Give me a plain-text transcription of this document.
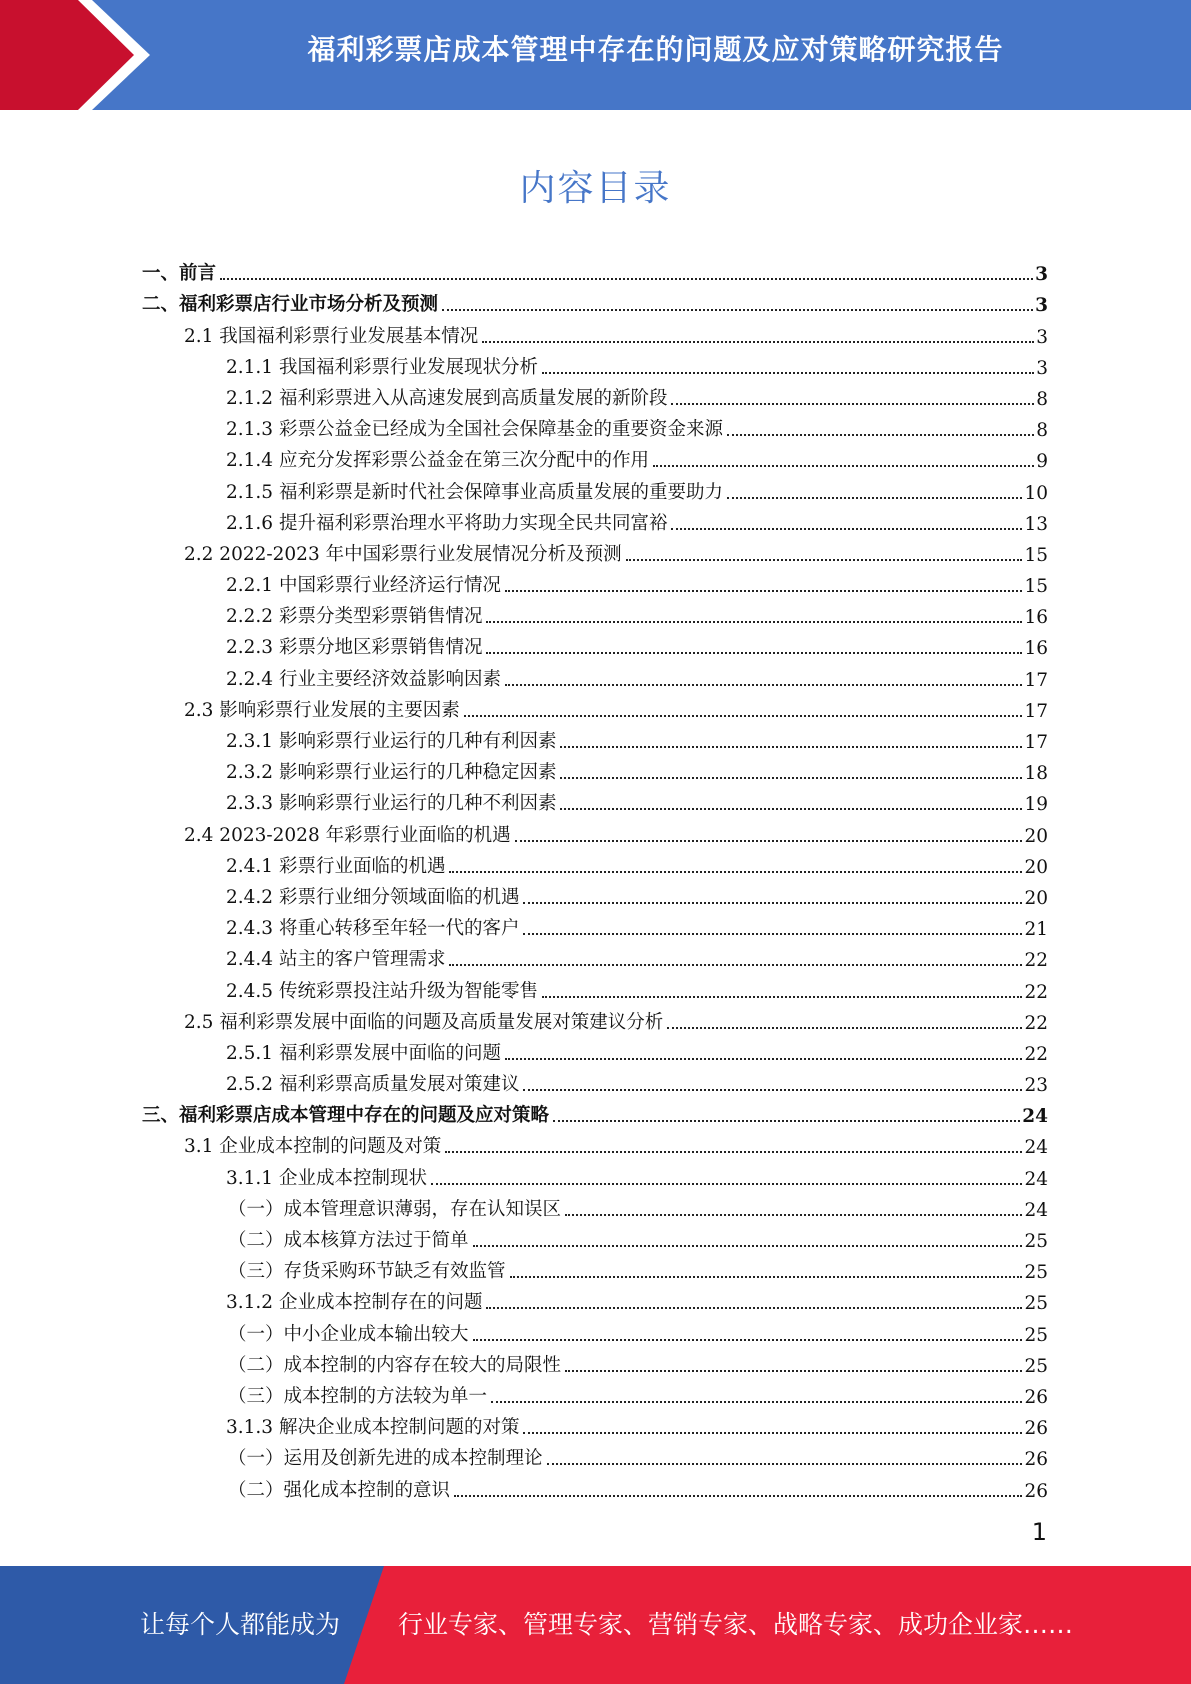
福利彩票店成本管理中存在的问题及应对策略研究报告
内容目录
一、前言	3
二、福利彩票店行业市场分析及预测	3
2.1 我国福利彩票行业发展基本情况	3
2.1.1 我国福利彩票行业发展现状分析	3
2.1.2 福利彩票进入从高速发展到高质量发展的新阶段	8
2.1.3 彩票公益金已经成为全国社会保障基金的重要资金来源	8
2.1.4 应充分发挥彩票公益金在第三次分配中的作用	9
2.1.5 福利彩票是新时代社会保障事业高质量发展的重要助力	10
2.1.6 提升福利彩票治理水平将助力实现全民共同富裕	13
2.2 2022-2023 年中国彩票行业发展情况分析及预测	15
2.2.1 中国彩票行业经济运行情况	15
2.2.2 彩票分类型彩票销售情况	16
2.2.3 彩票分地区彩票销售情况	16
2.2.4 行业主要经济效益影响因素	17
2.3 影响彩票行业发展的主要因素	17
2.3.1 影响彩票行业运行的几种有利因素	17
2.3.2 影响彩票行业运行的几种稳定因素	18
2.3.3 影响彩票行业运行的几种不利因素	19
2.4 2023-2028 年彩票行业面临的机遇	20
2.4.1 彩票行业面临的机遇	20
2.4.2 彩票行业细分领域面临的机遇	20
2.4.3 将重心转移至年轻一代的客户	21
2.4.4 站主的客户管理需求	22
2.4.5 传统彩票投注站升级为智能零售	22
2.5 福利彩票发展中面临的问题及高质量发展对策建议分析	22
2.5.1 福利彩票发展中面临的问题	22
2.5.2 福利彩票高质量发展对策建议	23
三、福利彩票店成本管理中存在的问题及应对策略	24
3.1 企业成本控制的问题及对策	24
3.1.1 企业成本控制现状	24
（一）成本管理意识薄弱，存在认知误区	24
（二）成本核算方法过于简单	25
（三）存货采购环节缺乏有效监管	25
3.1.2 企业成本控制存在的问题	25
（一）中小企业成本输出较大	25
（二）成本控制的内容存在较大的局限性	25
（三）成本控制的方法较为单一	26
3.1.3 解决企业成本控制问题的对策	26
（一）运用及创新先进的成本控制理论	26
（二）强化成本控制的意识	26
1
让每个人都能成为 行业专家、管理专家、营销专家、战略专家、成功企业家……
